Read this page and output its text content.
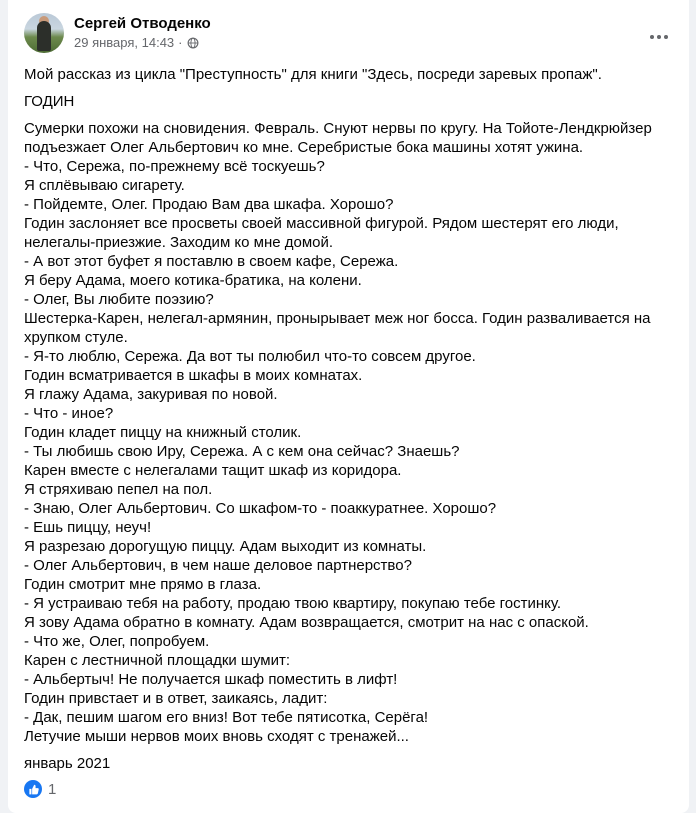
Сергей Отводенко
29 января, 14:43 ·

Мой рассказ из цикла "Преступность" для книги "Здесь, посреди заревых пропаж".

ГОДИН

Сумерки похожи на сновидения. Февраль. Снуют нервы по кругу. На Тойоте-Лендкрюйзер подъезжает Олег Альбертович ко мне. Серебристые бока машины хотят ужина.
- Что, Сережа, по-прежнему всё тоскуешь?
Я сплёвываю сигарету.
- Пойдемте, Олег. Продаю Вам два шкафа. Хорошо?
Годин заслоняет все просветы своей массивной фигурой. Рядом шестерят его люди, нелегалы-приезжие. Заходим ко мне домой.
- А вот этот буфет я поставлю в своем кафе, Сережа.
Я беру Адама, моего котика-братика, на колени.
- Олег, Вы любите поэзию?
Шестерка-Карен, нелегал-армянин, пронырывает меж ног босса. Годин разваливается на хрупком стуле.
- Я-то люблю, Сережа. Да вот ты полюбил что-то совсем другое.
Годин всматривается в шкафы в моих комнатах.
Я глажу Адама, закуривая по новой.
- Что - иное?
Годин кладет пиццу на книжный столик.
- Ты любишь свою Иру, Сережа. А с кем она сейчас? Знаешь?
Карен вместе с нелегалами тащит шкаф из коридора.
Я стряхиваю пепел на пол.
- Знаю, Олег Альбертович. Со шкафом-то - поаккуратнее. Хорошо?
- Ешь пиццу, неуч!
Я разрезаю дорогущую пиццу. Адам выходит из комнаты.
- Олег Альбертович, в чем наше деловое партнерство?
Годин смотрит мне прямо в глаза.
- Я устраиваю тебя на работу, продаю твою квартиру, покупаю тебе гостинку.
Я зову Адама обратно в комнату. Адам возвращается, смотрит на нас с опаской.
- Что же, Олег, попробуем.
Карен с лестничной площадки шумит:
- Альбертыч! Не получается шкаф поместить в лифт!
Годин привстает и в ответ, заикаясь, ладит:
- Дак, пешим шагом его вниз! Вот тебе пятисотка, Серёга!
Летучие мыши нервов моих вновь сходят с тренажей...

январь 2021

1
